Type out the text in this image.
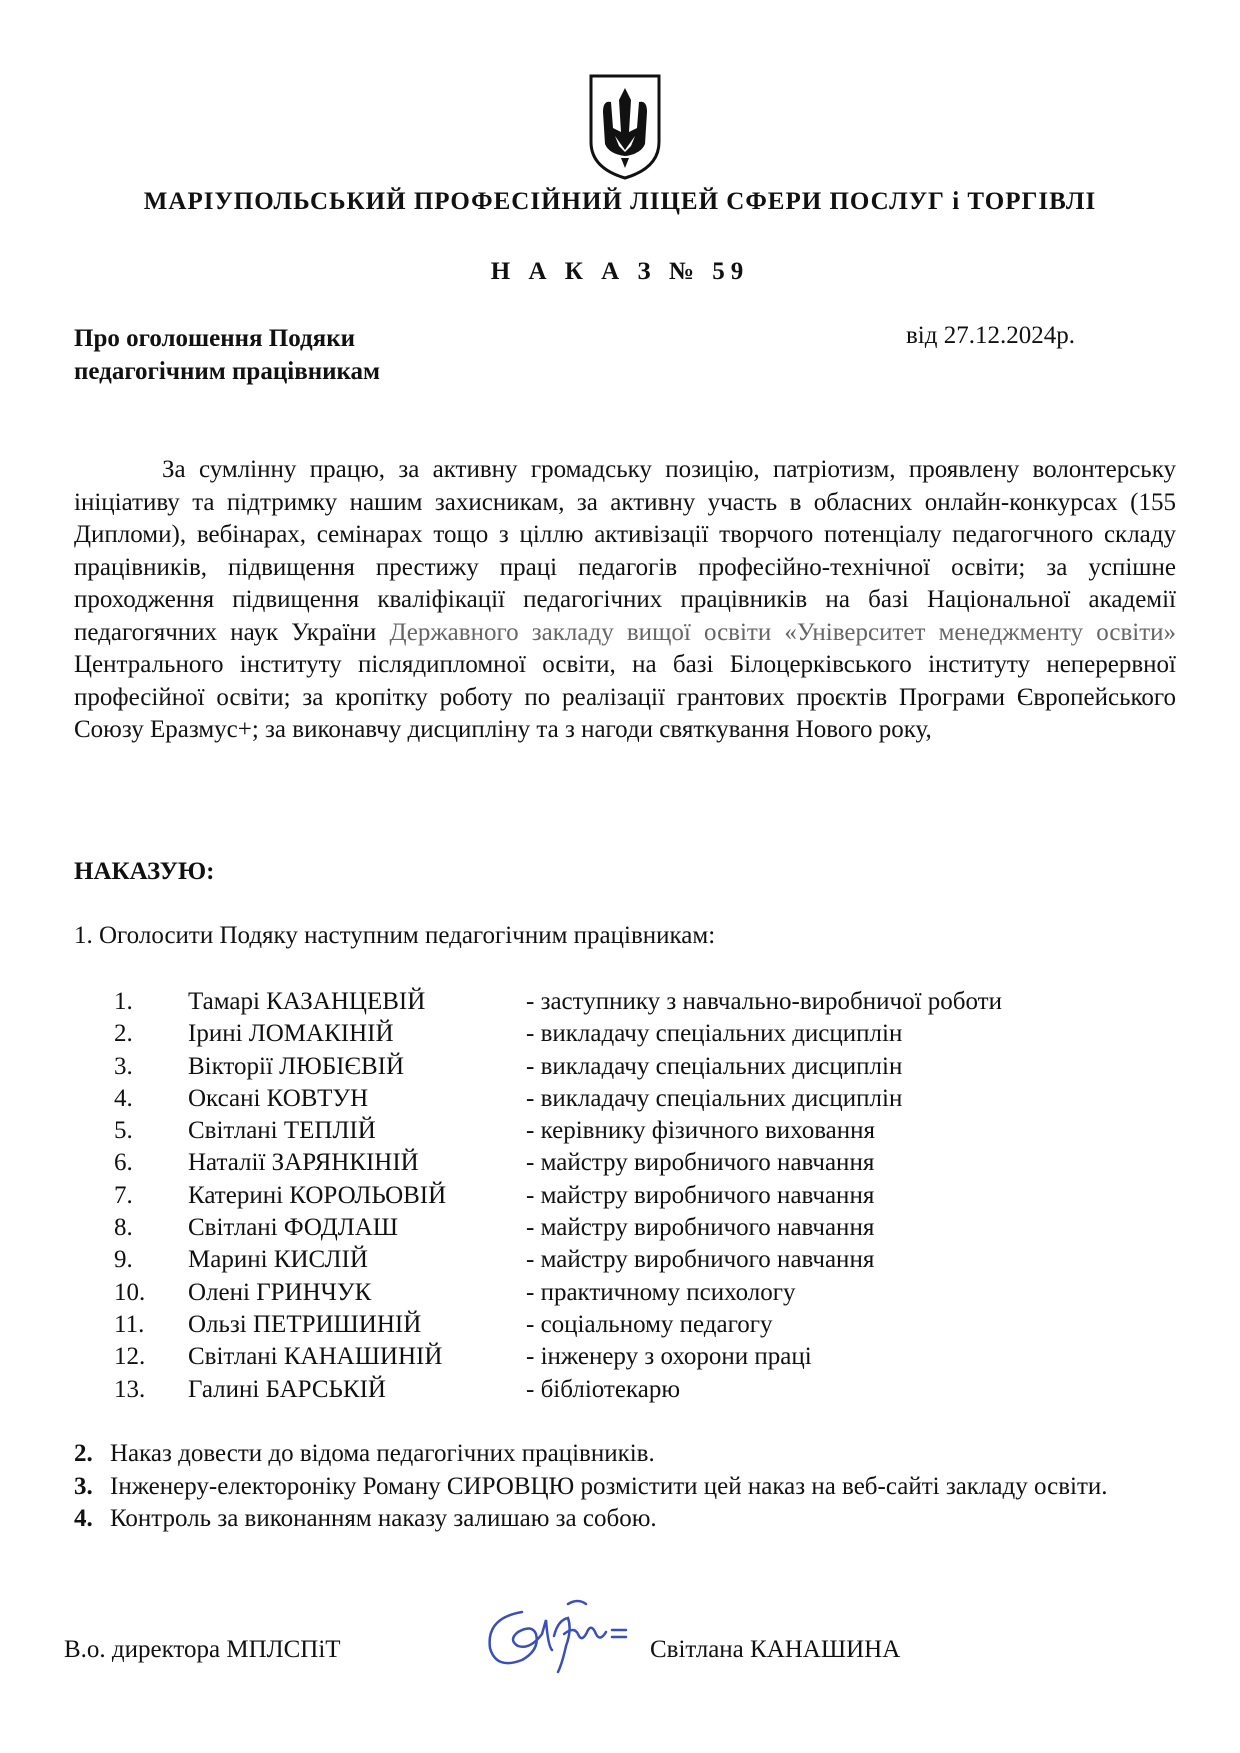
МАРІУПОЛЬСЬКИЙ ПРОФЕСІЙНИЙ ЛІЦЕЙ СФЕРИ ПОСЛУГ і ТОРГІВЛІ
Н А К А З № 59
Про оголошення Подяки
педагогічним працівникам
від 27.12.2024р.
За сумлінну працю, за активну громадську позицію, патріотизм, проявлену волонтерську ініціативу та підтримку нашим захисникам, за активну участь в обласних онлайн-конкурсах (155 Дипломи), вебінарах, семінарах тощо з ціллю активізації творчого потенціалу педагогчного складу працівників, підвищення престижу праці педагогів професійно-технічної освіти; за успішне проходження підвищення кваліфікації педагогічних працівників на базі Національної академії педагогячних наук України Державного закладу вищої освіти «Університет менеджменту освіти» Центрального інституту післядипломної освіти, на базі Білоцерківського інституту неперервної професійної освіти; за кропітку роботу по реалізації грантових проєктів Програми Європейського Союзу Еразмус+; за виконавчу дисципліну та з нагоди святкування Нового року,
НАКАЗУЮ:
1. Оголосити Подяку наступним педагогічним працівникам:
1.	Тамарі КАЗАНЦЕВІЙ	- заступнику з навчально-виробничої роботи
2.	Ірині ЛОМАКІНІЙ	- викладачу спеціальних дисциплін
3.	Вікторії ЛЮБІЄВІЙ	- викладачу спеціальних дисциплін
4.	Оксані КОВТУН	- викладачу спеціальних дисциплін
5.	Світлані ТЕПЛІЙ	- керівнику фізичного виховання
6.	Наталії ЗАРЯНКІНІЙ	- майстру виробничого навчання
7.	Катерині КОРОЛЬОВІЙ	- майстру виробничого навчання
8.	Світлані ФОДЛАШ	- майстру виробничого навчання
9.	Марині КИСЛІЙ	- майстру виробничого навчання
10.	Олені ГРИНЧУК	- практичному психологу
11.	Ользі ПЕТРИШИНІЙ	- соціальному педагогу
12.	Світлані КАНАШИНІЙ	- інженеру з охорони праці
13.	Галині БАРСЬКІЙ	- бібліотекарю
2. Наказ довести до відома педагогічних працівників.
3. Інженеру-електороніку Роману СИРОВЦЮ розмістити цей наказ на веб-сайті закладу освіти.
4. Контроль за виконанням наказу залишаю за собою.
В.о. директора МПЛСПіТ	Світлана КАНАШИНА
